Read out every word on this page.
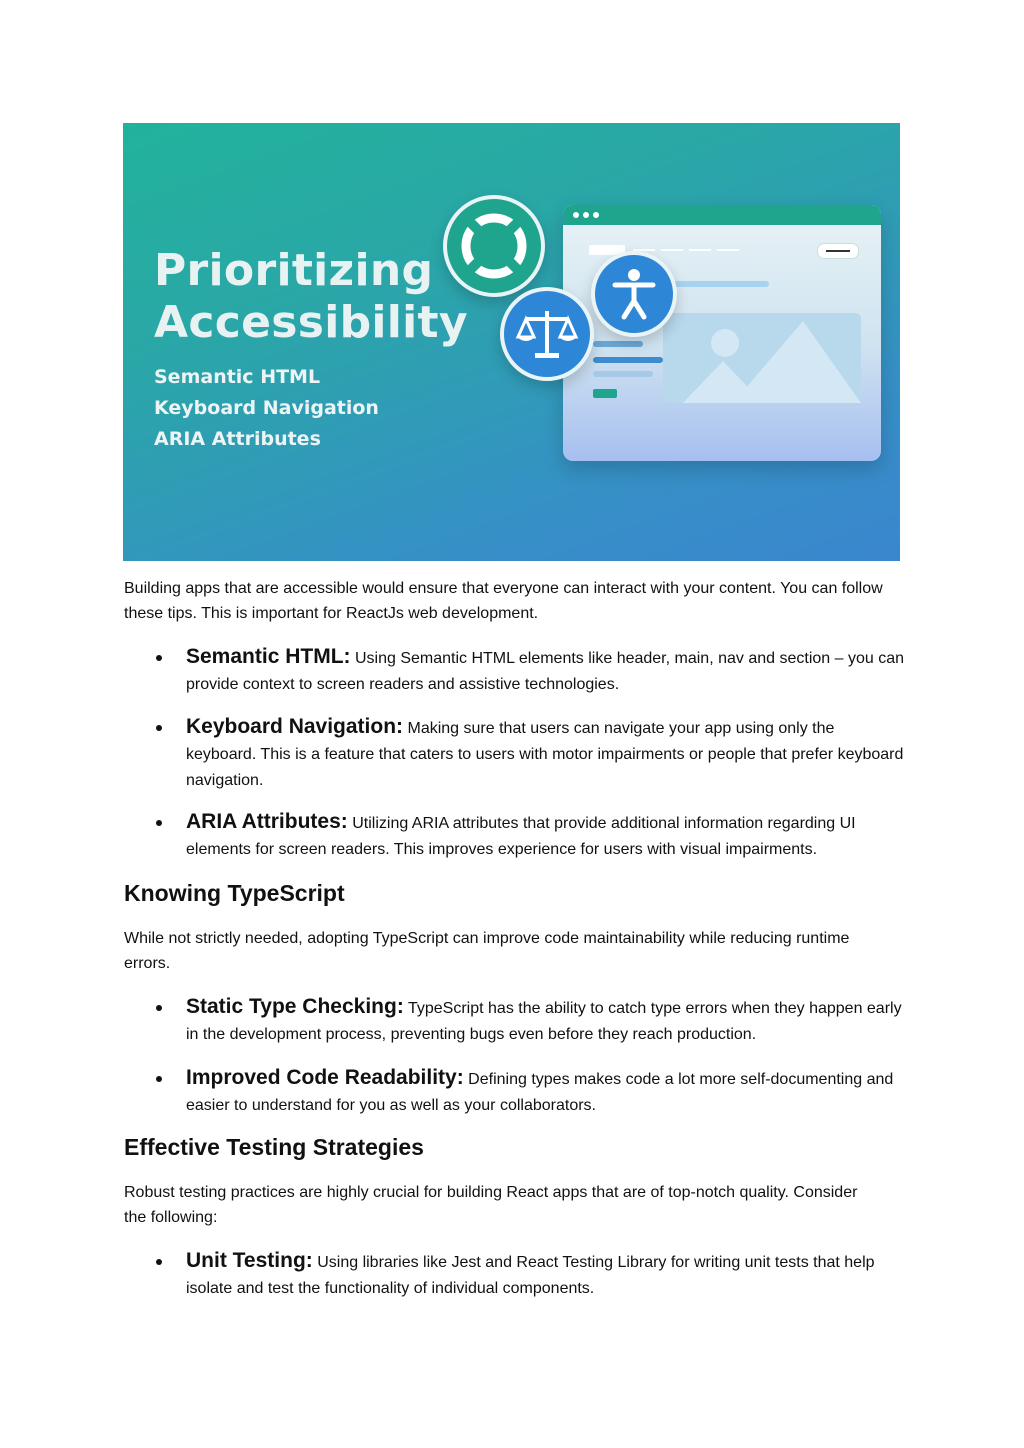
Prioritizing
Accessibility
Semantic HTML
Keyboard Navigation
ARIA Attributes

Building apps that are accessible would ensure that everyone can interact with your content. You can follow these tips. This is important for ReactJs web development.

Semantic HTML: Using Semantic HTML elements like header, main, nav and section – you can provide context to screen readers and assistive technologies.
Keyboard Navigation: Making sure that users can navigate your app using only the keyboard. This is a feature that caters to users with motor impairments or people that prefer keyboard navigation.
ARIA Attributes: Utilizing ARIA attributes that provide additional information regarding UI elements for screen readers. This improves experience for users with visual impairments.
Knowing TypeScript

While not strictly needed, adopting TypeScript can improve code maintainability while reducing runtime errors.

Static Type Checking: TypeScript has the ability to catch type errors when they happen early in the development process, preventing bugs even before they reach production.
Improved Code Readability: Defining types makes code a lot more self-documenting and easier to understand for you as well as your collaborators.
Effective Testing Strategies

Robust testing practices are highly crucial for building React apps that are of top-notch quality. Consider the following:

Unit Testing: Using libraries like Jest and React Testing Library for writing unit tests that help isolate and test the functionality of individual components.
